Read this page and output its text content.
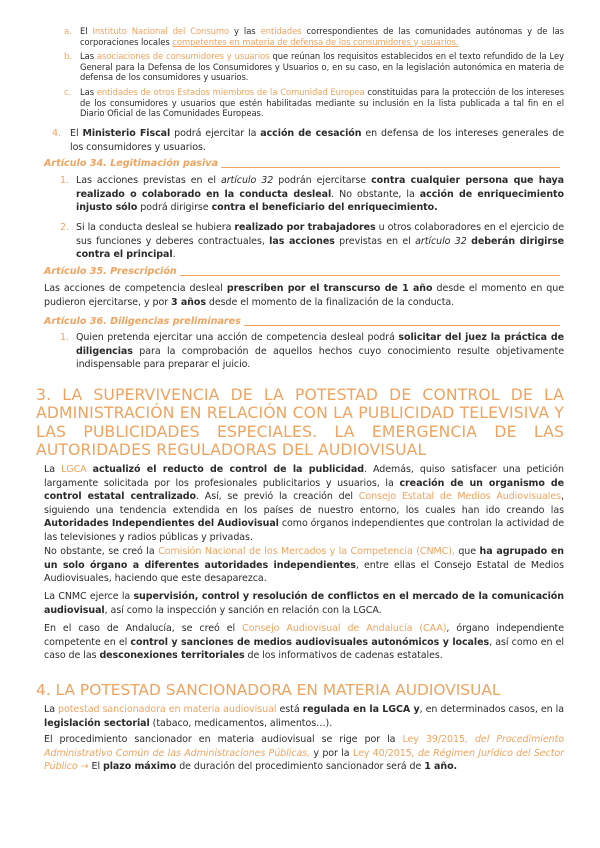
a. El Instituto Nacional del Consumo y las entidades correspondientes de las comunidades autónomas y de las corporaciones locales competentes en materia de defensa de los consumidores y usuarios.
b. Las asociaciones de consumidores y usuarios que reúnan los requisitos establecidos en el texto refundido de la Ley General para la Defensa de los Consumidores y Usuarios o, en su caso, en la legislación autonómica en materia de defensa de los consumidores y usuarios.
c.	Las entidades de otros Estados miembros de la Comunidad Europea constituidas para la protección de los intereses de los consumidores y usuarios que estén habilitadas mediante su inclusión en la lista publicada a tal fin en el Diario Oficial de las Comunidades Europeas.
4. El Ministerio Fiscal podrá ejercitar la acción de cesación en defensa de los intereses generales de los consumidores y usuarios.
Artículo 34. Legitimación pasiva
1. Las acciones previstas en el artículo 32 podrán ejercitarse contra cualquier persona que haya realizado o colaborado en la conducta desleal. No obstante, la acción de enriquecimiento injusto sólo podrá dirigirse contra el beneficiario del enriquecimiento.
2. Si la conducta desleal se hubiera realizado por trabajadores u otros colaboradores en el ejercicio de sus funciones y deberes contractuales, las acciones previstas en el artículo 32 deberán dirigirse contra el principal.
Artículo 35. Prescripción
Las acciones de competencia desleal prescriben por el transcurso de 1 año desde el momento en que pudieron ejercitarse, y por 3 años desde el momento de la finalización de la conducta.
Artículo 36. Diligencias preliminares
1. Quien pretenda ejercitar una acción de competencia desleal podrá solicitar del juez la práctica de diligencias para la comprobación de aquellos hechos cuyo conocimiento resulte objetivamente indispensable para preparar el juicio.
3. LA SUPERVIVENCIA DE LA POTESTAD DE CONTROL DE LA ADMINISTRACIÓN EN RELACIÓN CON LA PUBLICIDAD TELEVISIVA Y LAS PUBLICIDADES ESPECIALES. LA EMERGENCIA DE LAS AUTORIDADES REGULADORAS DEL AUDIOVISUAL
La LGCA actualizó el reducto de control de la publicidad. Además, quiso satisfacer una petición largamente solicitada por los profesionales publicitarios y usuarios, la creación de un organismo de control estatal centralizado. Así, se previó la creación del Consejo Estatal de Medios Audiovisuales, siguiendo una tendencia extendida en los países de nuestro entorno, los cuales han ido creando las Autoridades Independientes del Audiovisual como órganos independientes que controlan la actividad de las televisiones y radios públicas y privadas.
No obstante, se creó la Comisión Nacional de los Mercados y la Competencia (CNMC), que ha agrupado en un solo órgano a diferentes autoridades independientes, entre ellas el Consejo Estatal de Medios Audiovisuales, haciendo que este desaparezca.
La CNMC ejerce la supervisión, control y resolución de conflictos en el mercado de la comunicación audiovisual, así como la inspección y sanción en relación con la LGCA.
En el caso de Andalucía, se creó el Consejo Audiovisual de Andalucía (CAA), órgano independiente competente en el control y sanciones de medios audiovisuales autonómicos y locales, así como en el caso de las desconexiones territoriales de los informativos de cadenas estatales.
4. LA POTESTAD SANCIONADORA EN MATERIA AUDIOVISUAL
La potestad sancionadora en materia audiovisual está regulada en la LGCA y, en determinados casos, en la legislación sectorial (tabaco, medicamentos, alimentos…).
El procedimiento sancionador en materia audiovisual se rige por la Ley 39/2015, del Procedimiento Administrativo Común de las Administraciones Públicas, y por la Ley 40/2015, de Régimen Jurídico del Sector Público → El plazo máximo de duración del procedimiento sancionador será de 1 año.
